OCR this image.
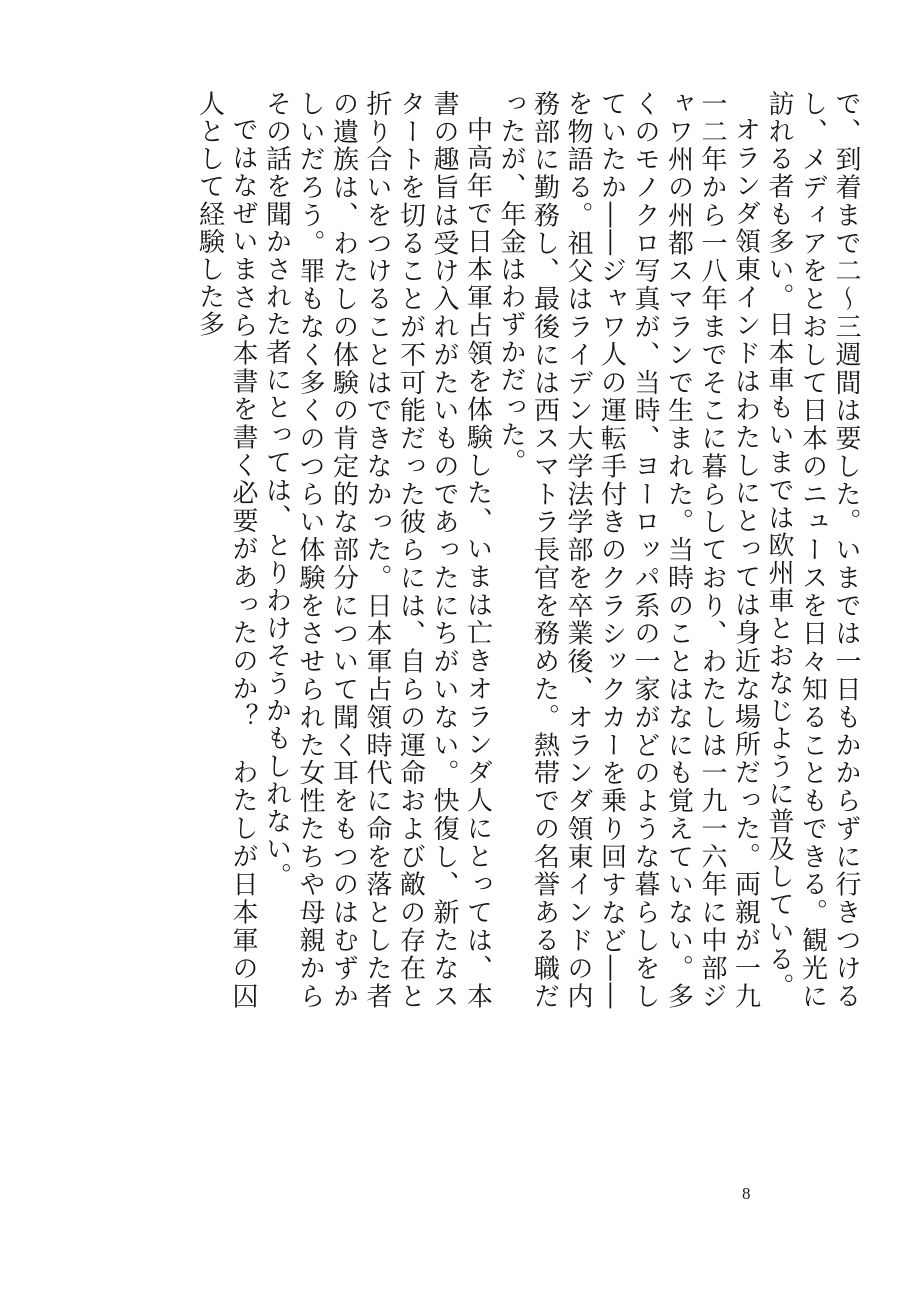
で、到着まで二〜三週間は要した。いまでは一日もかからずに行きつけるし、メディアをとおして日本のニュースを日々知ることもできる。観光に訪れる者も多い。日本車もいまでは欧州車とおなじように普及している。

オランダ領東インドはわたしにとっては身近な場所だった。両親が一九一二年から一八年までそこに暮らしており、わたしは一九一六年に中部ジャワ州の州都スマランで生まれた。当時のことはなにも覚えていない。多くのモノクロ写真が、当時、ヨーロッパ系の一家がどのような暮らしをしていたか――ジャワ人の運転手付きのクラシックカーを乗り回すなど――を物語る。祖父はライデン大学法学部を卒業後、オランダ領東インドの内務部に勤務し、最後には西スマトラ長官を務めた。熱帯での名誉ある職だったが、年金はわずかだった。

中高年で日本軍占領を体験した、いまは亡きオランダ人にとっては、本書の趣旨は受け入れがたいものであったにちがいない。快復し、新たなスタートを切ることが不可能だった彼らには、自らの運命および敵の存在と折り合いをつけることはできなかった。日本軍占領時代に命を落とした者の遺族は、わたしの体験の肯定的な部分について聞く耳をもつのはむずかしいだろう。罪もなく多くのつらい体験をさせられた女性たちや母親からその話を聞かされた者にとっては、とりわけそうかもしれない。

ではなぜいまさら本書を書く必要があったのか？　わたしが日本軍の囚人として経験した多

8
